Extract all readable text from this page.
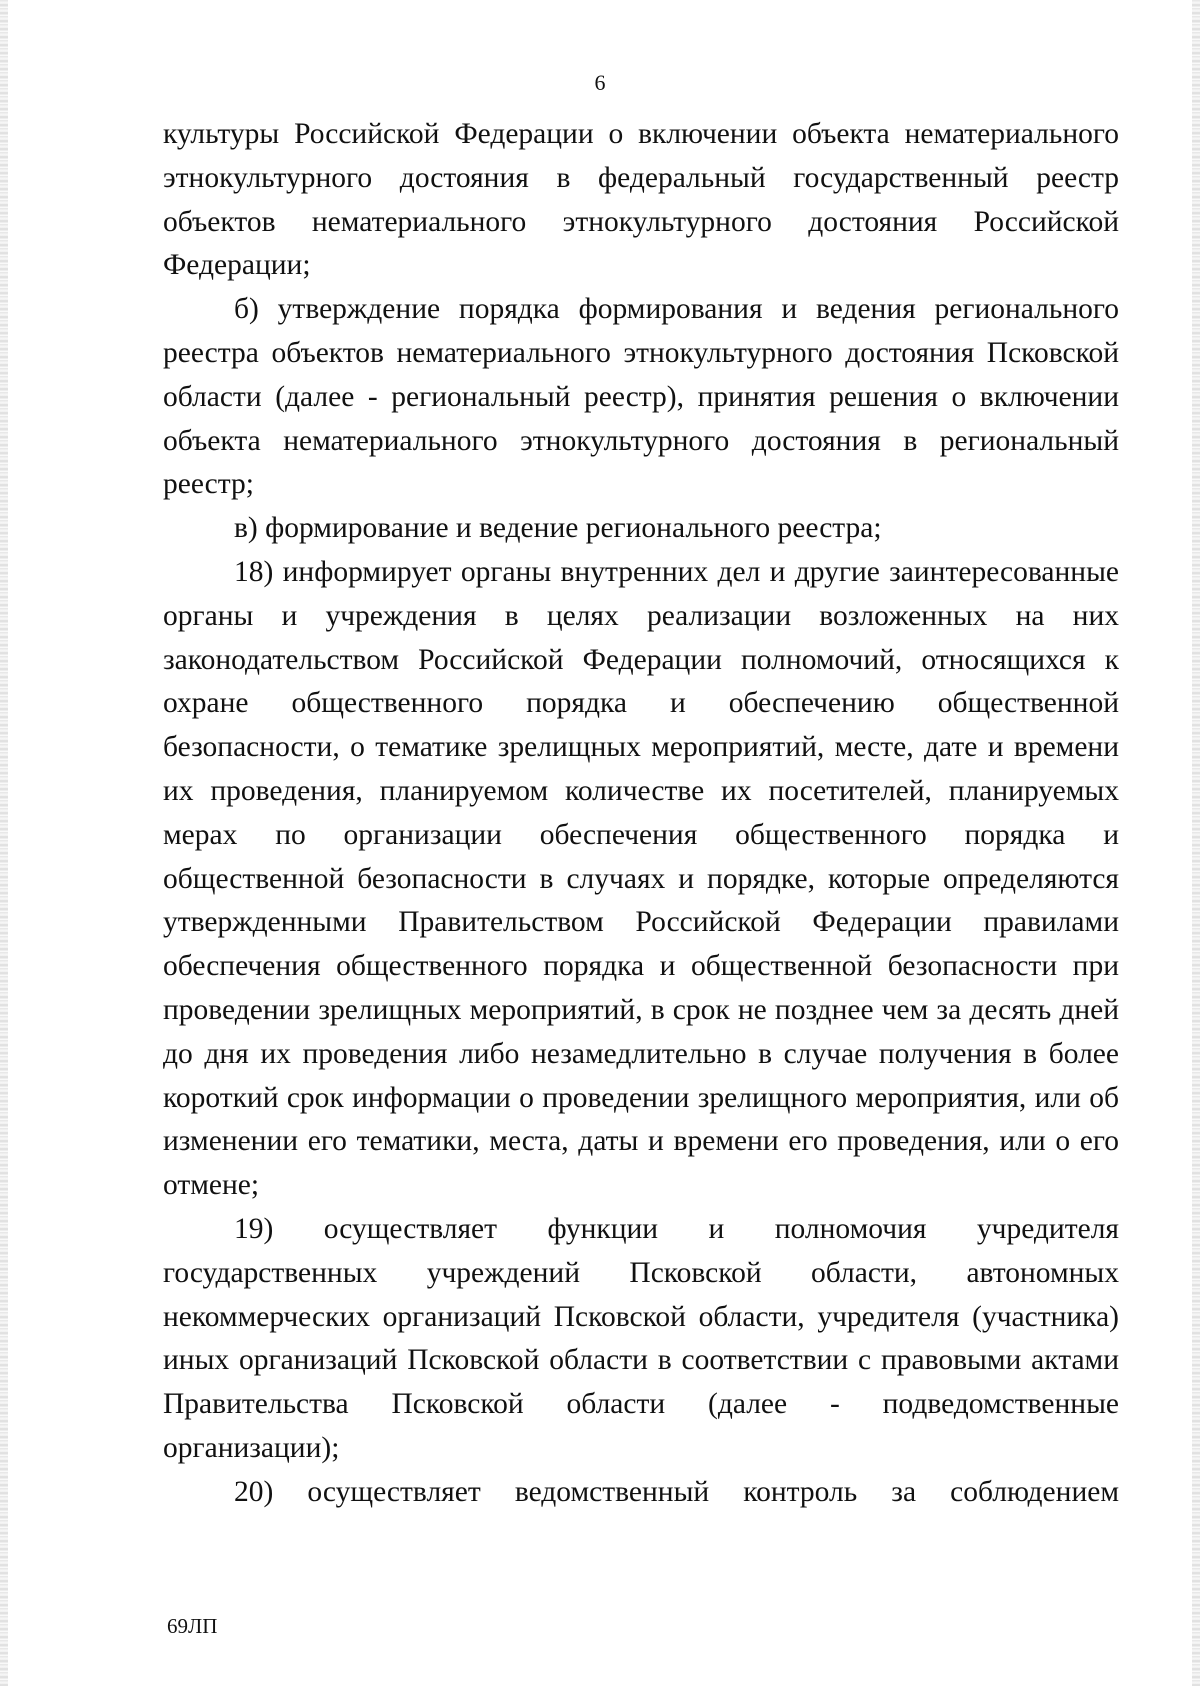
6

культуры Российской Федерации о включении объекта нематериального этнокультурного достояния в федеральный государственный реестр объектов нематериального этнокультурного достояния Российской Федерации;

б) утверждение порядка формирования и ведения регионального реестра объектов нематериального этнокультурного достояния Псковской области (далее - региональный реестр), принятия решения о включении объекта нематериального этнокультурного достояния в региональный реестр;

в) формирование и ведение регионального реестра;

18) информирует органы внутренних дел и другие заинтересованные органы и учреждения в целях реализации возложенных на них законодательством Российской Федерации полномочий, относящихся к охране общественного порядка и обеспечению общественной безопасности, о тематике зрелищных мероприятий, месте, дате и времени их проведения, планируемом количестве их посетителей, планируемых мерах по организации обеспечения общественного порядка и общественной безопасности в случаях и порядке, которые определяются утвержденными Правительством Российской Федерации правилами обеспечения общественного порядка и общественной безопасности при проведении зрелищных мероприятий, в срок не позднее чем за десять дней до дня их проведения либо незамедлительно в случае получения в более короткий срок информации о проведении зрелищного мероприятия, или об изменении его тематики, места, даты и времени его проведения, или о его отмене;

19) осуществляет функции и полномочия учредителя государственных учреждений Псковской области, автономных некоммерческих организаций Псковской области, учредителя (участника) иных организаций Псковской области в соответствии с правовыми актами Правительства Псковской области (далее - подведомственные организации);

20) осуществляет ведомственный контроль за соблюдением

69ЛП
